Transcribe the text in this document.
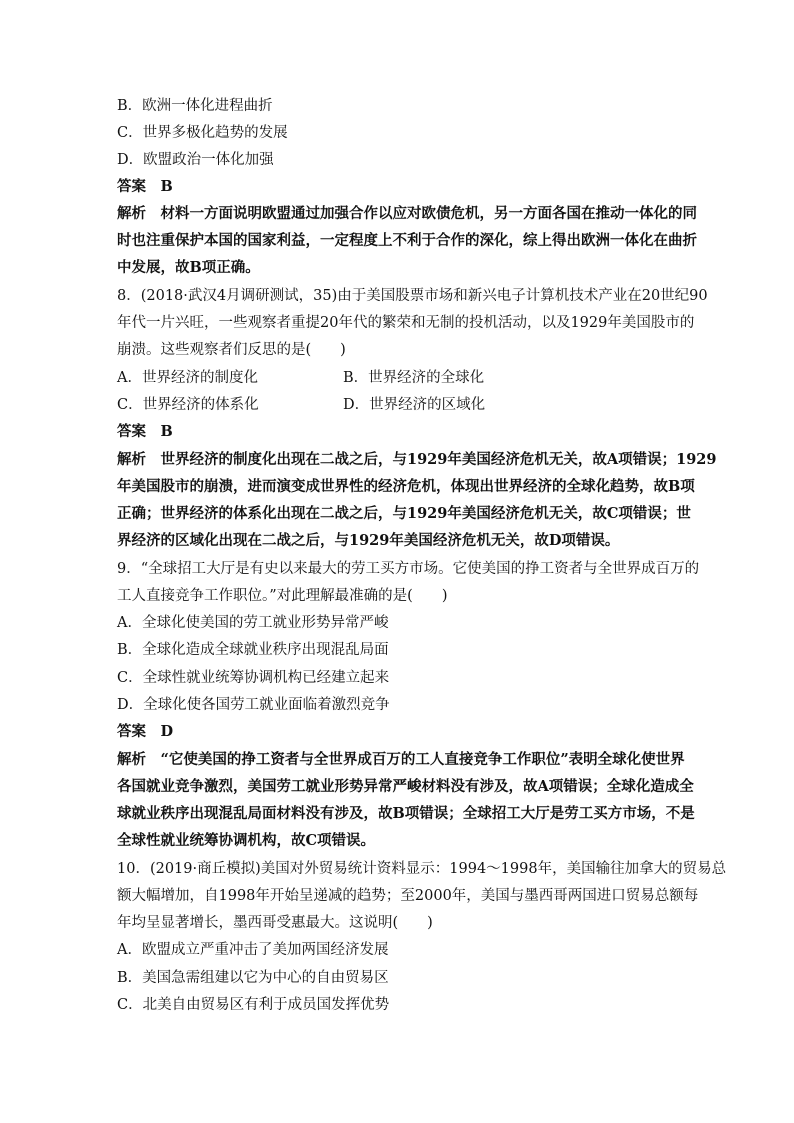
B．欧洲一体化进程曲折
C．世界多极化趋势的发展
D．欧盟政治一体化加强
答案　B
解析　材料一方面说明欧盟通过加强合作以应对欧债危机，另一方面各国在推动一体化的同
时也注重保护本国的国家利益，一定程度上不利于合作的深化，综上得出欧洲一体化在曲折
中发展，故B项正确。
8．(2018·武汉4月调研测试，35)由于美国股票市场和新兴电子计算机技术产业在20世纪90
年代一片兴旺，一些观察者重提20年代的繁荣和无制的投机活动，以及1929年美国股市的
崩溃。这些观察者们反思的是(　　)
A．世界经济的制度化	B．世界经济的全球化
C．世界经济的体系化	D．世界经济的区域化
答案　B
解析　世界经济的制度化出现在二战之后，与1929年美国经济危机无关，故A项错误；1929
年美国股市的崩溃，进而演变成世界性的经济危机，体现出世界经济的全球化趋势，故B项
正确；世界经济的体系化出现在二战之后，与1929年美国经济危机无关，故C项错误；世
界经济的区域化出现在二战之后，与1929年美国经济危机无关，故D项错误。
9．“全球招工大厅是有史以来最大的劳工买方市场。它使美国的挣工资者与全世界成百万的
工人直接竞争工作职位。”对此理解最准确的是(　　)
A．全球化使美国的劳工就业形势异常严峻
B．全球化造成全球就业秩序出现混乱局面
C．全球性就业统筹协调机构已经建立起来
D．全球化使各国劳工就业面临着激烈竞争
答案　D
解析　“它使美国的挣工资者与全世界成百万的工人直接竞争工作职位”表明全球化使世界
各国就业竞争激烈，美国劳工就业形势异常严峻材料没有涉及，故A项错误；全球化造成全
球就业秩序出现混乱局面材料没有涉及，故B项错误；全球招工大厅是劳工买方市场，不是
全球性就业统筹协调机构，故C项错误。
10．(2019·商丘模拟)美国对外贸易统计资料显示：1994～1998年，美国输往加拿大的贸易总
额大幅增加，自1998年开始呈递减的趋势；至2000年，美国与墨西哥两国进口贸易总额每
年均呈显著增长，墨西哥受惠最大。这说明(　　)
A．欧盟成立严重冲击了美加两国经济发展
B．美国急需组建以它为中心的自由贸易区
C．北美自由贸易区有利于成员国发挥优势
